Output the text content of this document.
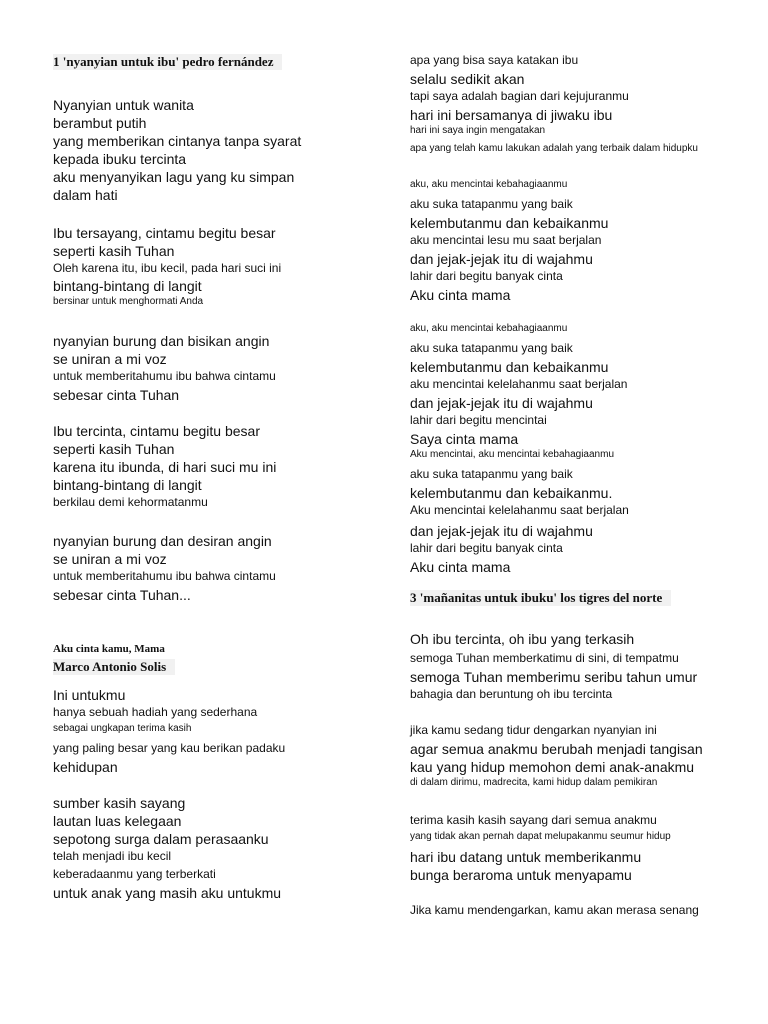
1 'nyanyian untuk ibu' pedro fernández
Nyanyian untuk wanita
berambut putih
yang memberikan cintanya tanpa syarat
kepada ibuku tercinta
aku menyanyikan lagu yang ku simpan
dalam hati
Ibu tersayang, cintamu begitu besar
seperti kasih Tuhan
Oleh karena itu, ibu kecil, pada hari suci ini
bintang-bintang di langit
bersinar untuk menghormati Anda
nyanyian burung dan bisikan angin
se uniran a mi voz
untuk memberitahumu ibu bahwa cintamu
sebesar cinta Tuhan
Ibu tercinta, cintamu begitu besar
seperti kasih Tuhan
karena itu ibunda, di hari suci mu ini
bintang-bintang di langit
berkilau demi kehormatanmu
nyanyian burung dan desiran angin
se uniran a mi voz
untuk memberitahumu ibu bahwa cintamu
sebesar cinta Tuhan...
Aku cinta kamu, Mama
Marco Antonio Solis
Ini untukmu
hanya sebuah hadiah yang sederhana
sebagai ungkapan terima kasih
yang paling besar yang kau berikan padaku
kehidupan
sumber kasih sayang
lautan luas kelegaan
sepotong surga dalam perasaanku
telah menjadi ibu kecil
keberadaanmu yang terberkati
untuk anak yang masih aku untukmu
apa yang bisa saya katakan ibu
selalu sedikit akan
tapi saya adalah bagian dari kejujuranmu
hari ini bersamanya di jiwaku ibu
hari ini saya ingin mengatakan
apa yang telah kamu lakukan adalah yang terbaik dalam hidupku
aku, aku mencintai kebahagiaanmu
aku suka tatapanmu yang baik
kelembutanmu dan kebaikanmu
aku mencintai lesu mu saat berjalan
dan jejak-jejak itu di wajahmu
lahir dari begitu banyak cinta
Aku cinta mama
aku, aku mencintai kebahagiaanmu
aku suka tatapanmu yang baik
kelembutanmu dan kebaikanmu
aku mencintai kelelahanmu saat berjalan
dan jejak-jejak itu di wajahmu
lahir dari begitu mencintai
Saya cinta mama
Aku mencintai, aku mencintai kebahagiaanmu
aku suka tatapanmu yang baik
kelembutanmu dan kebaikanmu.
Aku mencintai kelelahanmu saat berjalan
dan jejak-jejak itu di wajahmu
lahir dari begitu banyak cinta
Aku cinta mama
3 'mañanitas untuk ibuku' los tigres del norte
Oh ibu tercinta, oh ibu yang terkasih
semoga Tuhan memberkatimu di sini, di tempatmu
semoga Tuhan memberimu seribu tahun umur
bahagia dan beruntung oh ibu tercinta
jika kamu sedang tidur dengarkan nyanyian ini
agar semua anakmu berubah menjadi tangisan
kau yang hidup memohon demi anak-anakmu
di dalam dirimu, madrecita, kami hidup dalam pemikiran
terima kasih kasih sayang dari semua anakmu
yang tidak akan pernah dapat melupakanmu seumur hidup
hari ibu datang untuk memberikanmu
bunga beraroma untuk menyapamu
Jika kamu mendengarkan, kamu akan merasa senang
